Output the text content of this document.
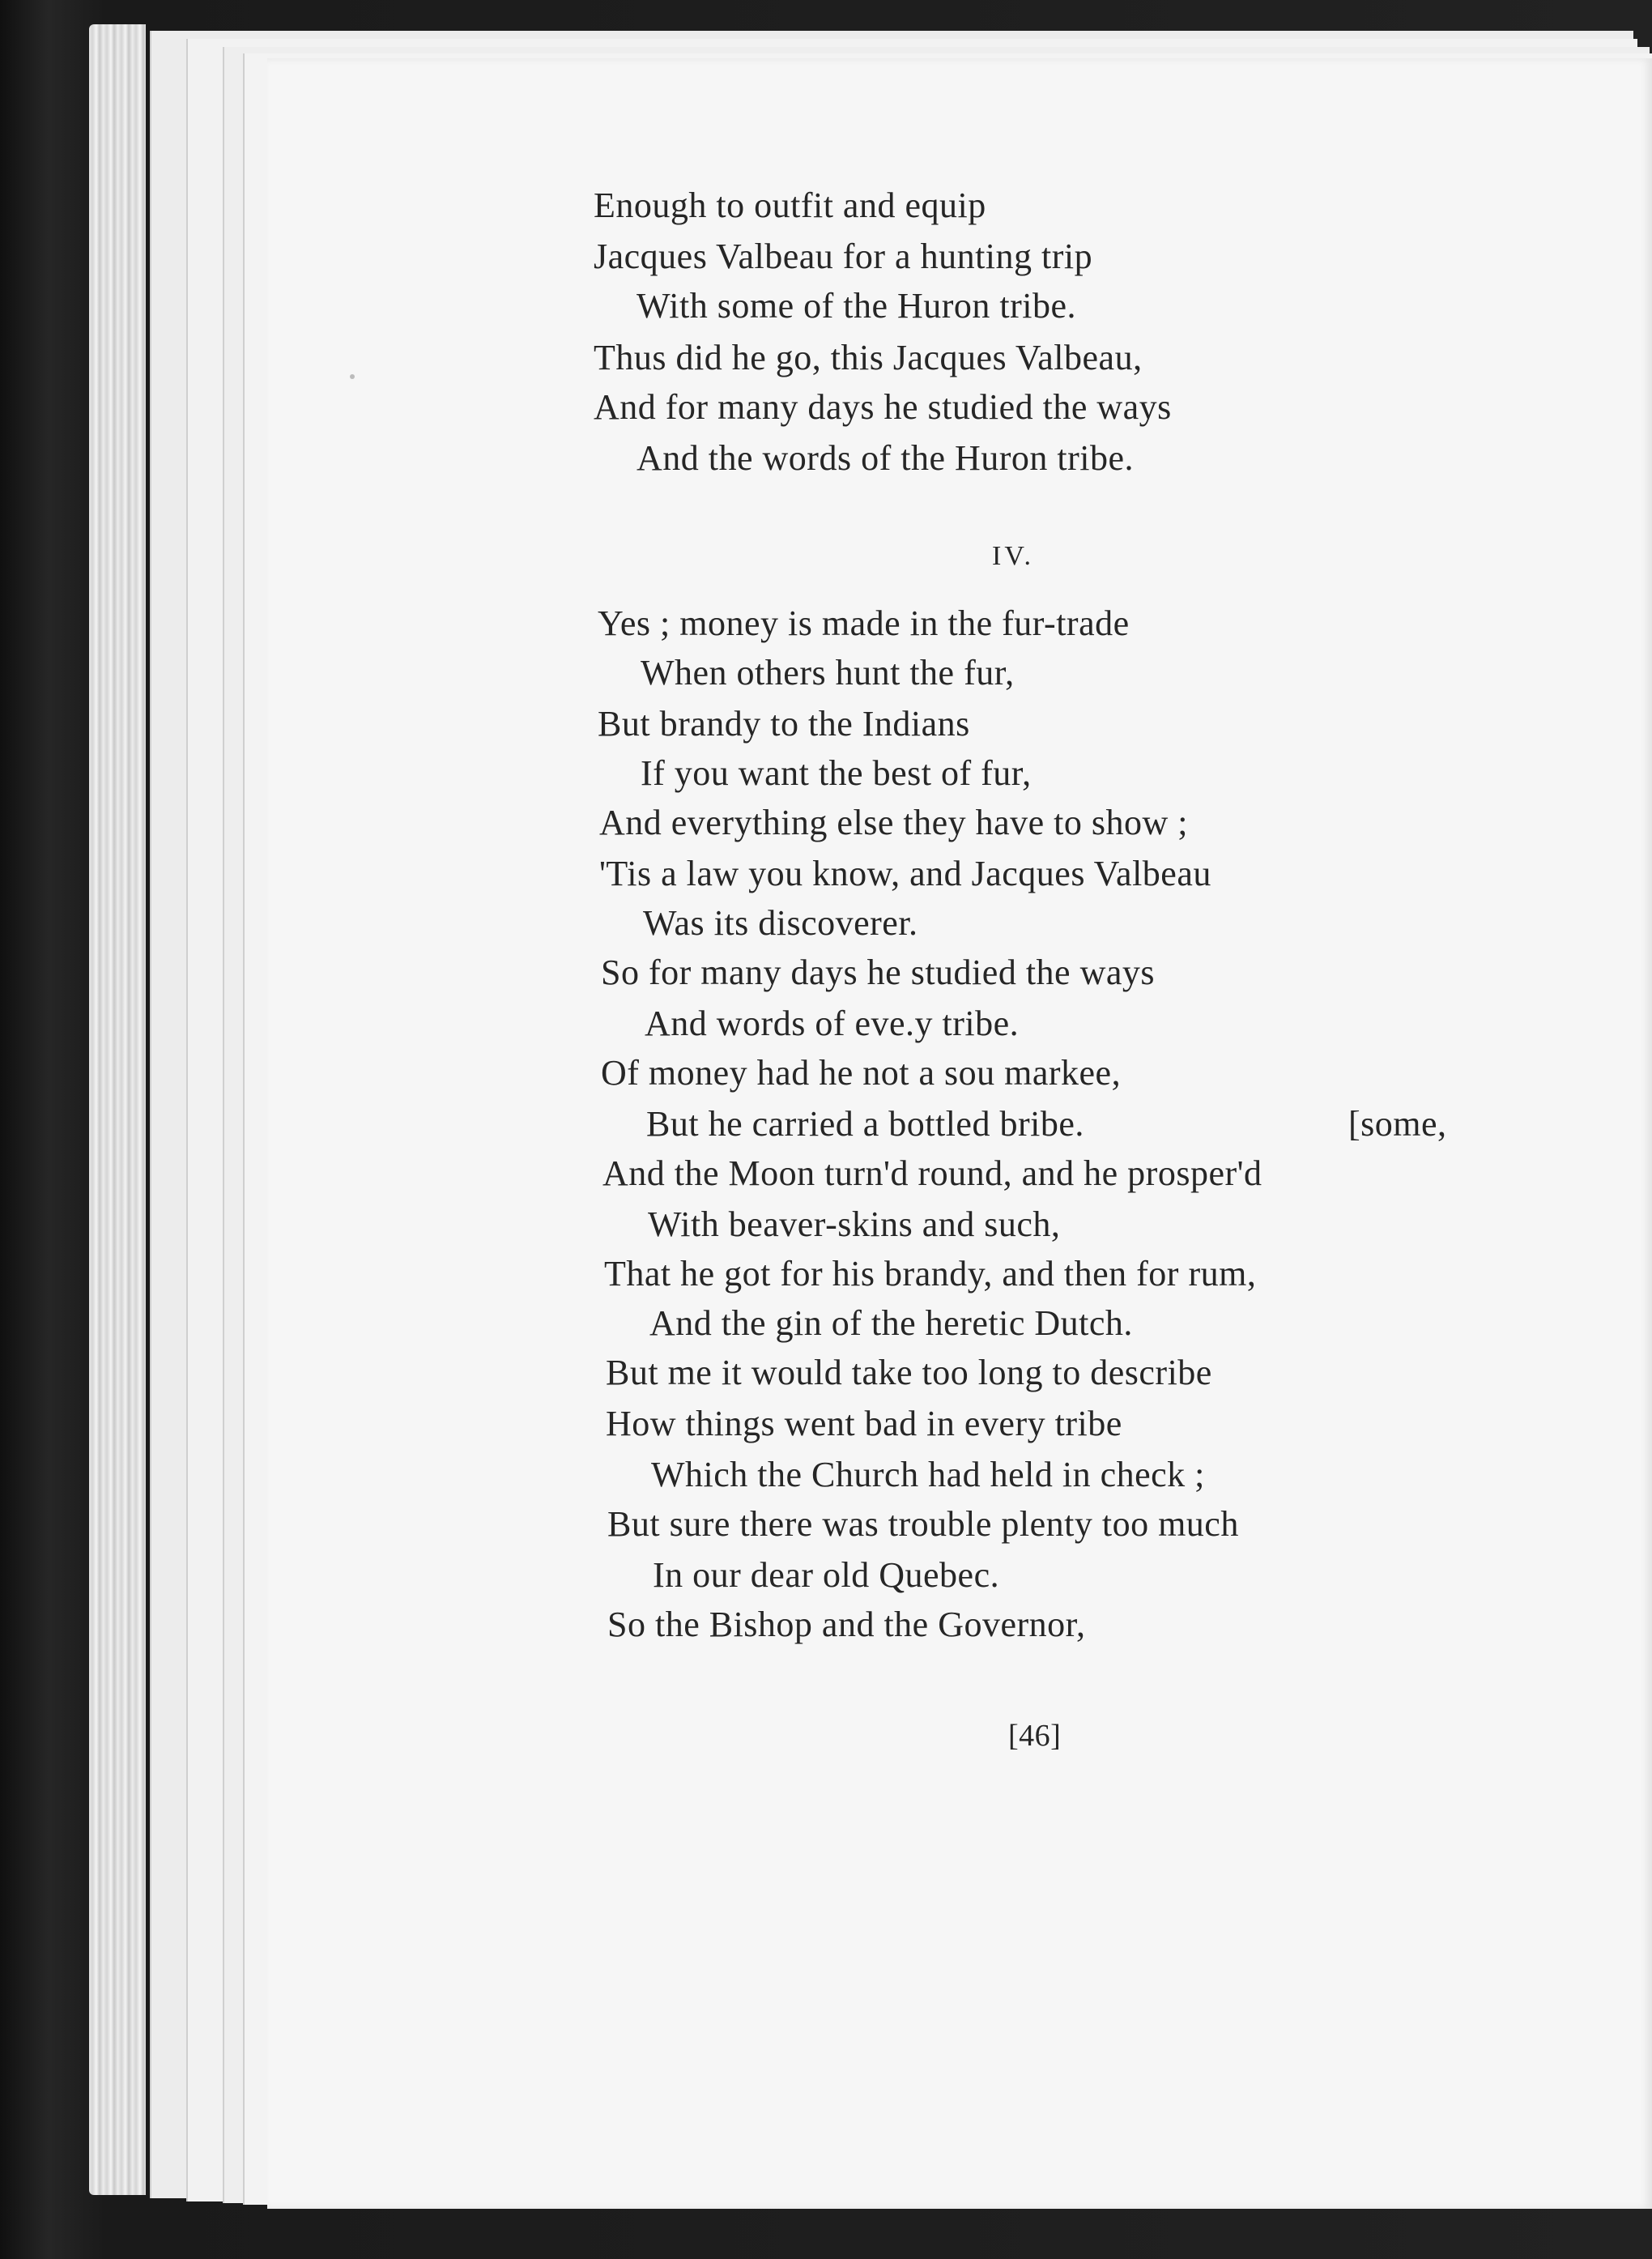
Enough to outfit and equip
Jacques Valbeau for a hunting trip
With some of the Huron tribe.
Thus did he go, this Jacques Valbeau,
And for many days he studied the ways
And the words of the Huron tribe.
IV.
Yes ; money is made in the fur-trade
When others hunt the fur,
But brandy to the Indians
If you want the best of fur,
And everything else they have to show ;
'Tis a law you know, and Jacques Valbeau
Was its discoverer.
So for many days he studied the ways
And words of eve.y tribe.
Of money had he not a sou markee,
But he carried a bottled bribe.	[some,
And the Moon turn'd round, and he prosper'd
With beaver-skins and such,
That he got for his brandy, and then for rum,
And the gin of the heretic Dutch.
But me it would take too long to describe
How things went bad in every tribe
Which the Church had held in check ;
But sure there was trouble plenty too much
In our dear old Quebec.
So the Bishop and the Governor,
[46]
